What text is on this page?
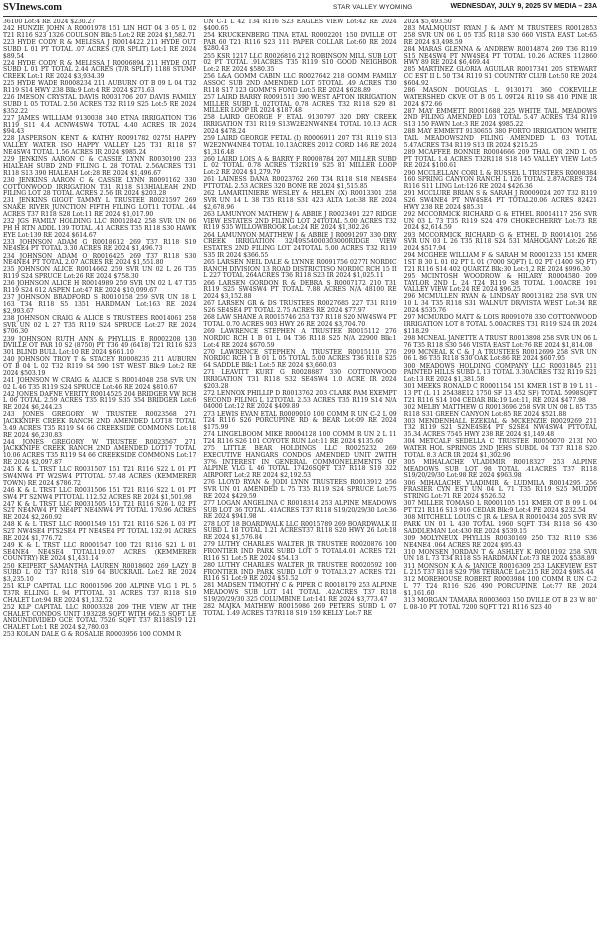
SVInews.com	STAR VALLEY WYOMING	WEDNESDAY, JULY 9, 2025 SV MEDIA – 23A

36100 Lot:4 RE 2024 $230.27

242 HUNZIE JOHN A R0001978 151 LIN HGT 04 3 05 L 02 T21 R116 S23 1326 COULSON Blk:5 Lot:2 RE 2024 $1,582.71

223 HYDE CODY R & MELISSA J R0014422 211 HYDE OUT SUBD L 01 PT TOTAL .07 ACRES (T/R SPLIT) Lot:1 RE 2024 $89.54

224 HYDE CODY R & MELISSA J R0006894 211 HYDE OUT SUBD L 01 PT TOTAL 2.44 ACRES (T/R SPLIT) 1188 STUMP CREEK Lot:1 RE 2024 $3,934.39

225 HYDE WADE R0008234 211 AUBURN OT B 09 L 04 T32 R119 S14 HWY 238 Blk:9 Lot:4 RE 2024 $271.63

226 IMESON CRYSTAL DAVIS R0031706 207 DAVIS FAMILY SUBD L 05 TOTAL 2.50 ACRES T32 R119 S25 Lot:5 RE 2024 $352.22

227 JAMES WILLIAM 9130038 340 ETNA IRRIGATION T36 R119 S11 4.4 ACNW4SW4 TOTAL 4.40 ACRES IR 2024 $94.43

228 JASPERSON KENT & KATHY R0091782 0275I HAPPY VALLEY WATER ISO HAPPY VALLEY L25 T31 R118 S7 NE4SW4 TOTAL 1.56 ACRES IR 2024 $985.24

229 JENKINS AARON C & CASSIE LYNN R0030190 233 HIALEAH SUBD 2ND FILING L 28 TOTAL 2.56ACRES T31 R118 S13 390 HIALEAH Lot:28 RE 2024 $1,496.67

230 JENKINS AARON C & CASSIE LYNN R0091162 330 COTTONWOOD IRRIGATION T31 R118 S13HIALEAH 2ND FILING LOT 28 TOTAL ACRES 2.56 IR 2024 $203.28

231 JENKINS GIGOT TAMMY L TRUSTEE R0021597 269 SNAKE RIVER JUNCTION FIFTH FILING LOT11 TOTAL .44 ACRES T37 R118 S28 Lot:11 RE 2024 $1,017.90

232 JGS FAMILY HOLDING LLC R0012842 258 SVR UN 06 PH H RTN ADDL 139 TOTAL .41 ACRES T35 R118 S30 HAWK EYE Lot:139 RE 2024 $614.67

233 JOHNSON ADAM G R0018612 269 T37 R118 S19 NE4SE4 PT TOTAL 3.30 ACRES RE 2024 $1,496.73

234 JOHNSON ADAM O R0016425 269 T37 R118 S30 NE4NE4 PT TOTAL 2.07 ACRES RE 2024 $1,551.80

235 JOHNSON ALICE R0014662 259 SVR UN 02 L 26 T35 R119 S24 SPRUCE Lot:26 RE 2024 $758.30

236 JOHNSON ALICE H R0014989 259 SVR UN 02 L 47 T35 R119 S24 612 ASPEN Lot:47 RE 2024 $10,099.67

237 JOHNSON BRADFORD S R0010158 259 SVR UN 18 L 163 T34 R118 S5 1351 HARDMAN Lot:163 RE 2024 $2,993.67

238 JOHNSON CRAIG & ALICE S TRUSTEES R0014061 258 SVR UN 02 L 27 T35 R119 S24 SPRUCE Lot:27 RE 2024 $706.30

239 JOHNSON RUTH ANN & PHYLLIS E R0002208 130 DVILLE OT PAR 10 S2 (8750) PT T36 49 (6418) T21 R116 S23 301 BLIND BULL Lot:10 RE 2024 $661.10

240 JOHNSON TROY T & STACEY R0008235 211 AUBURN OT B 04 L 02 T32 R119 S4 590 1ST WEST Blk:9 Lot:2 RE 2024 $503.19

241 JOHNSON W CRAIG & ALICE S R0014048 258 SVR UN 02 L 46 T35 R119 S24 SPRUCE Lot:46 RE 2024 $810.67

242 JONES DAFNE VERITY R0014525 204 BRIDGER VW RCH L 06 TOTAL 2.59 ACRES T35 R119 S35 354 BRIDGER Lot:6 RE 2024 $6,244.23

243 JONES GREGORY W TRUSTEE R0023568 271 JACKKNIFE CREEK RANCH 2ND AMENDED LOT18 TOTAL 3.49 ACRES T35 R119 S4 66 CREEKSIDE COMMONS Lot:18 RE 2024 $6,230.83

244 JONES GREGORY W TRUSTEE R0023567 271 JACKKNIFE CREEK RANCH 2ND AMENDED LOT17 TOTAL 10.06 ACRES T35 R119 S4 66 CREEKSIDE COMMONS Lot:17 RE 2024 $2,097.87

245 K & L TRST LLC R0031507 151 T21 R116 S22 L 01 PT SW4NW4 PT W2SW4 PTTOTAL 57.48 ACRES (KEMMERER TOWN) RE 2024 $786.72

246 K & L TRST LLC R0031506 151 T21 R116 S22 L 01 PT SW4 PT S2NW4 PTTOTAL 112.52 ACRES RE 2024 $1,501.98

247 K & L TRST LLC R0031505 151 T21 R116 S26 L 02 PT S2T NE4NW4 PT NE4PT NE4NW4 PT TOTAL 170.96 ACRES RE 2024 $2,260.92

248 K & L TRST LLC R0001549 151 T21 R116 S26 L 03 PT S2T NW4SE4 PTS2SE4 PT NE4SE4 PT TOTAL 132.91 ACRES RE 2024 $1,776.72

249 K & L TRST LLC R0001547 100 T21 R116 S21 L 01 SE4NE4 NE4SE4 TOTAL119.07 ACRES (KEMMERER COUNTRY) RE 2024 $1,431.14

250 KEIPERT SAMANTHA LAUREN R0018602 269 LAZY B SUBD L 02 T37 R118 S19 64 BUCKRAIL Lot:2 RE 2024 $3,235.10

251 KLP CAPITAL LLC R0001596 200 ALPINE VLG 1 PL 5 T37R ELLING L 94 PTTOTAL 31 ACRES T37 R118 S19 CHALET Lot:94 RE 2024 $1,132.52

252 KLP CAPITAL LLC R0003328 209 THE VIEW AT THE CHALET CONDOS UNIT 193228 SQFT WITH 662.5 SQFT LE ANDUNDIVIDED GCE TOTAL 7526 SQFT T37 R118S19 121 CHALET Lot:1 RE 2024 $2,780.03

253 KOLAN DALE G & ROSALIE R0003956 100 COMM R

UN C-1 L 42 T34 R116 S23 EAGLES VIEW Lot:42 RE 2024 $400.65

254 KRUCKENBERG TINA ETAL R0002201 150 DVILLE OT PAR 60 T21 R116 S23 111 PAPER COLLAR Lot:60 RE 2024 $280.43

255 KSR 1217 LLC R0026816 212 ROBINSON MILL SUB LOT 02 PT TOTAL .91ACRES T35 R119 S10 GOOD NEIGHBOR Lot:2 RE 2024 $580.35

256 L&A GOMM CABIN LLC R0027642 218 GOMM FAMILY ASSOC SUB 2ND AMENDED LOT 5TOTAL .49 ACRES T30 R118 S17 123 GOMM'S FOND Lot:5 RE 2024 $628.89

257 LAIRD BARRY R0091511 390 WEST AFTON IRRIGATION MILLER SUBD L 02TOTAL 0.78 ACRES T32 R118 S29 81 MILLER LOOP IR 2024 $187.48

258 LAIRD GEORGE F ETAL 9130797 320 DRY CREEK IRRIGATION T31 R119 S13W2E2NW4NE4 TOTAL 10.13 ACR 2024 $478.24

259 LAIRD GEORGE FETAL (I) R0006911 207 T31 R119 S13 W2E2NW4NE4 TOTAL 10.13ACRES 2012 CORD 146 RE 2024 $1,316.48

260 LAIRD LOIS A & BARRY F R0008784 207 MILLER SUBD L 02 TOTAL 0.78 ACRES T32R119 S25 81 MILLER LOOP Lot:2 RE 2024 $1,279.79

261 LAINESS DANA R0023762 260 T34 R118 S18 NE4SE4 PTTOTAL 2.53 ACRES 320 BONE RE 2024 $1,515.85

262 LAMARTINIERE WESLEY & HELEN (X) R0013301 258 SVR UN 14 L 38 T35 R118 S31 423 ALTA Lot:38 RE 2024 $2,678.96

263 LAMUNYON MATHEW J & ABBIE J R0023491 227 RIDGE VIEW ESTATES 2ND FILING LOT 24TOTAL 5.00 ACRES T32 R119 S35 WILLOWBROOK Lot:24 RE 2024 $1,302.26

264 LAMUNYON MATTHEW J & ABBIE J R0091297 330 DRY CREEK IRRIGATION 32/49S54000303000RIDGE VIEW ESTATES 2ND FILING LOT 24TOTAL 5.00 ACRES T32 R119 S35 IR 2024 $366.55

265 LARSEN NEIL DALE & LYNNE R0091756 0277I NORDIC RANCH DIVISION 13 ROAD DISTRICTISO NORDIC RCH 15 II L 227 TOTAL 264ACRES T36 R118 S23 IR 2024 $1,025.11

266 LARSEN GORDON R & DEBRA S R0007172 210 T31 R119 S25 SW4SW4 PT TOTAL 7.88 ACRES N/A 48100 RE 2024 $3,152.88

267 LARSEN GR & DS TRUSTEES R0027685 227 T31 R119 S26 SE4SE4 PT TOTAL 2.75 ACRES RE 2024 $77.97

268 LAW SHANE A R0015746 253 T37 R118 S20 NW4SW4 PT TOTAL 0.70 ACRES 903 HWY 26 RE 2024 $3,704.70

269 LAWRENCE STEPHEN A TRUSTEE R0015112 276 NORDIC RCH 1 B 01 L 04 T36 R118 S25 N/A 22900 Blk:1 Lot:4 RE 2024 $670.59

270 LAWRENCE STEPHEN A TRUSTEE R0015110 276 NORDIC RCH 1 B 01 L 05 TOTAL 5.00 ACRES T36 R118 S25 64 SADDLE Blk:1 Lot:5 RE 2024 $3,660.03

271 LEAVITT KURT G R0028887 330 COTTONWOOD IRRIGATION T31 R118 S32 SE4SW4 1.0 ACRE IR 2024 $203.28

272 LENNOX PHILLIP D R0013762 203 CLARK PAM EXEMPT SECOND FILING L 12TOTAL 2.53 ACRES T35 R119 S14 N/A 04000 Lot:12 RE 2024 $409.89

273 LEWIS EVAN ETAL R0009010 100 COMM R UN C-2 L 09 T24 R116 S26 PORCUPINE RD & BEAR Lot:09 RE 2024 $175.99

274 LINGELBOOM MIKE R0004128 100 COMM R UN 2 L 11 T24 R116 S26 101 COYOTE RUN Lot:11 RE 2024 $135.60

275 LITTLE BEAR HOLDINGS LLC R0025232 269 EXECUTIVE HANGARS CONDOS AMENDED UNIT 2WITH 37% INTEREST IN GENERAL COMMONELEMENTS OF ALPINE VLG L 46 TOTAL 17426SQFT T37 R118 S19 322 AIRPORT Lot:2 RE 2024 $2,192.53

276 LLOYD RYAN & JODI LYNN TRUSTEES R0013912 256 SVR UN 01 AMENDED L 75 T35 R119 S24 SPRUCE Lot:75 RE 2024 $429.59

277 LOGAN ANGELINA C R0018314 253 ALPINE MEADOWS SUB LOT 36 TOTAL .41ACRES T37 R118 S19/20/29/30 Lot:36 RE 2024 $941.98

278 LOT 18 BOARDWALK LLC R0015789 269 BOARDWALK II SUBD L 18 TOTAL 1.21 ACREST37 R118 S20 HWY 26 Lot:18 RE 2024 $1,576.84

279 LUTHY CHARLES WALTER JR TRUSTEE R0020876 100 FRONTIER IND PARK SUBD LOT 5 TOTAL4.01 ACRES T21 R116 S1 Lot:5 RE 2024 $54.13

280 LUTHY CHARLES WALTER JR TRUSTEE R0020592 100 FRONTIER IND PARK SUBD LOT 9 TOTAL3.27 ACRES T21 R116 S1 Lot:9 RE 2024 $51.52

281 MADSEN TIMOTHY C & PIPER C R0018179 253 ALPINE MEADOWS SUB LOT 141 TOTAL .42ACRES T37 R118 S19/20/29/30 325 COLUMBINE Lot:141 RE 2024 $3,773.47

282 MAJKA MATHEW R0015986 269 PETERS SUBD L 07 TOTAL 1.49 ACRES T37R118 S19 159 KELLY Lot:7 RE

2024 $5,493.50

283 MALMQUIST RYAN J & AMY M TRUSTEES R0012853 258 SVR UN 06 L 05 T35 R118 S30 660 VISTA EAST Lot:65 RE 2024 $3,498.59

284 MARAS GLENNA & ANDREW R0014874 269 T36 R119 S15 NE4SW4 PT NW4SE4 PT TOTAL 10.26 ACRES 112860 HWY 89 RE 2024 $6,469.44

285 MARTINEZ GLORIA AGUILAR R0017341 205 STEWART CC EST II L 50 T34 R119 S1 COUNTRY CLUB Lot:50 RE 2024 $604.92

286 MASON DOUGLAS L 9130171 360 COKEVILLE WATERSHED CKVE OT B 05 L 09T24 R119 S8 410 PINE IR 2024 $72.66

287 MAY EMMETT R0011688 225 WHITE TAIL MEADOWS 2ND FILING AMENDED L03 TOTAL 5.47 ACRES T34 R119 S13 150 FAWN Lot:3 RE 2024 $985.22

288 MAY EMMETT 9130655 380 FORTO IRRIGATION WHITE TAIL MEADOWS2ND FILING AMENDED L 03 TOTAL 5.47ACRES T34 R119 S13 IR 2024 $215.25

289 MCAFFEE BONNIE R0004666 209 THAL OR 2ND L 05 PT TOTAL 1.4 ACRES T32R118 S18 145 VALLEY VIEW Lot:5 RE 2024 $100.61

290 MCCLELLAN CORI L & RUSSEL L TRUSTEES R0008384 160 SPRING CANYON RANCH L 126 TOTAL 2.87ACRES T24 R116 S11 LING Lot:126 RE 2024 $426.36

291 MCCLURE BRIAN S & SARAH J R0009024 207 T32 R119 S26 SW4NE4 PT NW4SE4 PT TOTAL20.06 ACRES 82421 HWY 238 RE 2024 $85.31

292 MCCORMICK RICHARD G & ETHEL R0014117 256 SVR UN 03 L 73 T35 R119 S24 479 CHOKECHERRY Lot:73 RE 2024 $2,614.59

293 MCCORMICK RICHARD G & ETHEL D R0014101 256 SVR UN 03 L 26 T35 R118 S24 531 MAHOGANY Lot:26 RE 2024 $517.94

294 MCGHEE WILLIAM F & SARAH M R0001233 151 KMER 1ST B 30 L 01 02 PT L 01 (7000 SQFT) L 02 PT (1400 SQ FT) T21 R116 S14 402 QUARTZ Blk:30 Lot:1,2 RE 2024 $996.30

295 MCINTOSH WOODROW & HILARY R0004580 209 TAYLOR 2ND L 24 T24 R119 S8 TOTAL 1.00ACRE 191 VALLEY VIEW Lot:24 RE 2024 $96.25

296 MCMULLEN RYAN & LINDSAY R0013182 258 SVR UN 10 L 34 T35 R118 S31 WALNUT DR/VISTA WEST Lot:34 RE 2024 $535.76

297 MCMURDO MATT & LOIS R0091078 330 COTTONWOOD IRRIGATION LOT 8 TOTAL 5.00ACRES T31 R119 S24 IR 2024 $118.29

298 MCNEAL JANETTE A TRUST R0013898 258 SVR UN 06 L 76 T35 R118 S30 546 VISTA EAST Lot:76 RE 2024 $1,814.08

299 MCNEAL K C & J A TRUSTEES R0012699 258 SVR UN 06 L 86 T35 R118 S30 OAK Lot:86 RE 2024 $607.95

300 MEADOWS HOLDING COMPANY LLC R0031845 211 PAINTED HILLS SUBD L 13 TOTAL 3.30ACRES T32 R119 S21 Lot:13 RE 2024 $1,381.58

301 MEEKS RONALD C R0001154 151 KMER 1ST B 19 L 11 - 13 PT (L 11 25438E12 1750 SF 13 452 SF) TOTAL 5998SQFT T21 R116 S14 104 CEDAR Blk:19 Lot:11, RE 2024 $477.98

302 MELBY MATTHEW G R0013696 258 SVR UN 08 L 85 T35 R118 S31 GREEN CANYON Lot:85 RE 2024 $521.88

303 MENDENHALL EZEKIAL & MCKENZIE R0029269 211 T32 R119 S21 S2NE4SE4 PT S2SE4 NW4SW4 PTTOTAL 35.34 ACRES 7545 HWY 238 RE 2024 $1,149.48

304 METCALF SEDELLA C TRUSTEE R0050070 213I NO WATER HOL SPRINGS 2ND JEHS SUBDL 04 T37 R118 S20 TOTAL 8.3 ACR IR 2024 $1,302.96

305 MIHALACHE VLADIMIR R0018327 253 ALPINE MEADOWS SUB LOT 98 TOTAL .41ACRES T37 R118 S19/20/29/30 Lot:98 RE 2024 $963.98

306 MIHALACHE VLADIMIR & LUDMILA R0014295 256 FRASIER CYN EST UN 04 L 71 T35 R119 S25 MUDDY STRING Lot:71 RE 2024 $526.52

307 MILLER TOMASO L R0001105 151 KMER OT B 09 L 04 PT T21 R116 S13 916 CEDAR Blk:9 Lot:4 PE 2024 $232.54

308 MITCHELL LOUIS C JR & LESA R R0010434 205 SVR RV PARK UN 01 L 430 TOTAL 1960 SQFT T34 R118 S6 430 SADDLEMAN Lot:430 RE 2024 $539.15

309 MOLYNEUX PHYLLIS R0030169 250 T32 R119 S36 NE4NE4 .064 ACRES RE 2024 $95.43

310 MONSEN JORDAN T & ASHLEY K R0010192 258 SVR UN 18 L 73 T34 R118 S5 HARDMAN Lot:73 RE 2024 $538.89

311 MONSON K A & JANICE R0016309 253 LAKEVIEW EST L 215 T37 R118 S29 798 TERRACE Lot:215 RE 2024 $985.44

312 MOREHOUSE ROBERT R0003984 100 COMM R UN C-2 L 77 T24 R116 S26 490 PORCUPINE Lot:77 RE 2024 $1,161.60

313 MORGAN TAMARA R0003603 150 DVILLE OT B 23 W 80' L 08-10 PT TOTAL 7200 SQFT T21 R116 S23 40
